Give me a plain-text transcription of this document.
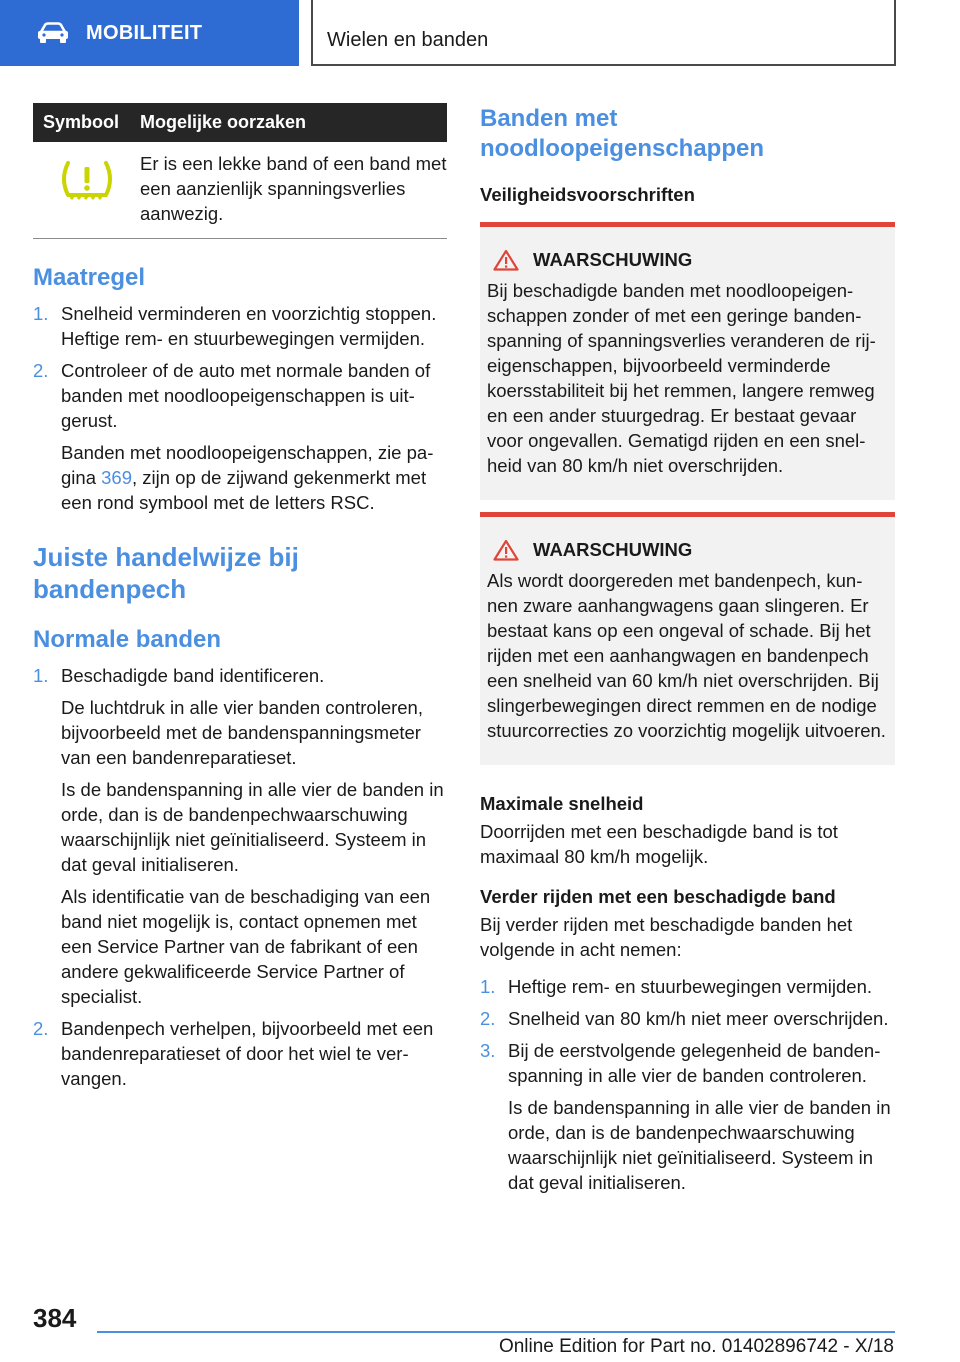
MOBILITEIT	Wielen en banden
Symbool	Mogelijke oorzaken
Er is een lekke band of een band met een aanzienlijk spanningsverlies aanwezig.
Maatregel
1. Snelheid verminderen en voorzichtig stoppen. Heftige rem- en stuurbewegingen vermijden.
2. Controleer of de auto met normale banden of banden met noodloopeigenschappen is uitgerust.
Banden met noodloopeigenschappen, zie pagina 369, zijn op de zijwand gekenmerkt met een rond symbool met de letters RSC.
Juiste handelwijze bij bandenpech
Normale banden
1. Beschadigde band identificeren.
De luchtdruk in alle vier banden controleren, bijvoorbeeld met de bandenspanningsmeter van een bandenreparatieset.
Is de bandenspanning in alle vier de banden in orde, dan is de bandenpechwaarschuwing waarschijnlijk niet geïnitialiseerd. Systeem in dat geval initialiseren.
Als identificatie van de beschadiging van een band niet mogelijk is, contact opnemen met een Service Partner van de fabrikant of een andere gekwalificeerde Service Partner of specialist.
2. Bandenpech verhelpen, bijvoorbeeld met een bandenreparatieset of door het wiel te vervangen.
Banden met noodloopeigenschappen
Veiligheidsvoorschriften
WAARSCHUWING
Bij beschadigde banden met noodloopeigenschappen zonder of met een geringe bandenspanning of spanningsverlies veranderen de rijeigenschappen, bijvoorbeeld verminderde koersstabiliteit bij het remmen, langere remweg en een ander stuurgedrag. Er bestaat gevaar voor ongevallen. Gematigd rijden en een snelheid van 80 km/h niet overschrijden.
WAARSCHUWING
Als wordt doorgereden met bandenpech, kunnen zware aanhangwagens gaan slingeren. Er bestaat kans op een ongeval of schade. Bij het rijden met een aanhangwagen en bandenpech een snelheid van 60 km/h niet overschrijden. Bij slingerbewegingen direct remmen en de nodige stuurcorrecties zo voorzichtig mogelijk uitvoeren.
Maximale snelheid
Doorrijden met een beschadigde band is tot maximaal 80 km/h mogelijk.
Verder rijden met een beschadigde band
Bij verder rijden met beschadigde banden het volgende in acht nemen:
1. Heftige rem- en stuurbewegingen vermijden.
2. Snelheid van 80 km/h niet meer overschrijden.
3. Bij de eerstvolgende gelegenheid de bandenspanning in alle vier de banden controleren.
Is de bandenspanning in alle vier de banden in orde, dan is de bandenpechwaarschuwing waarschijnlijk niet geïnitialiseerd. Systeem in dat geval initialiseren.
384
Online Edition for Part no. 01402896742 - X/18
